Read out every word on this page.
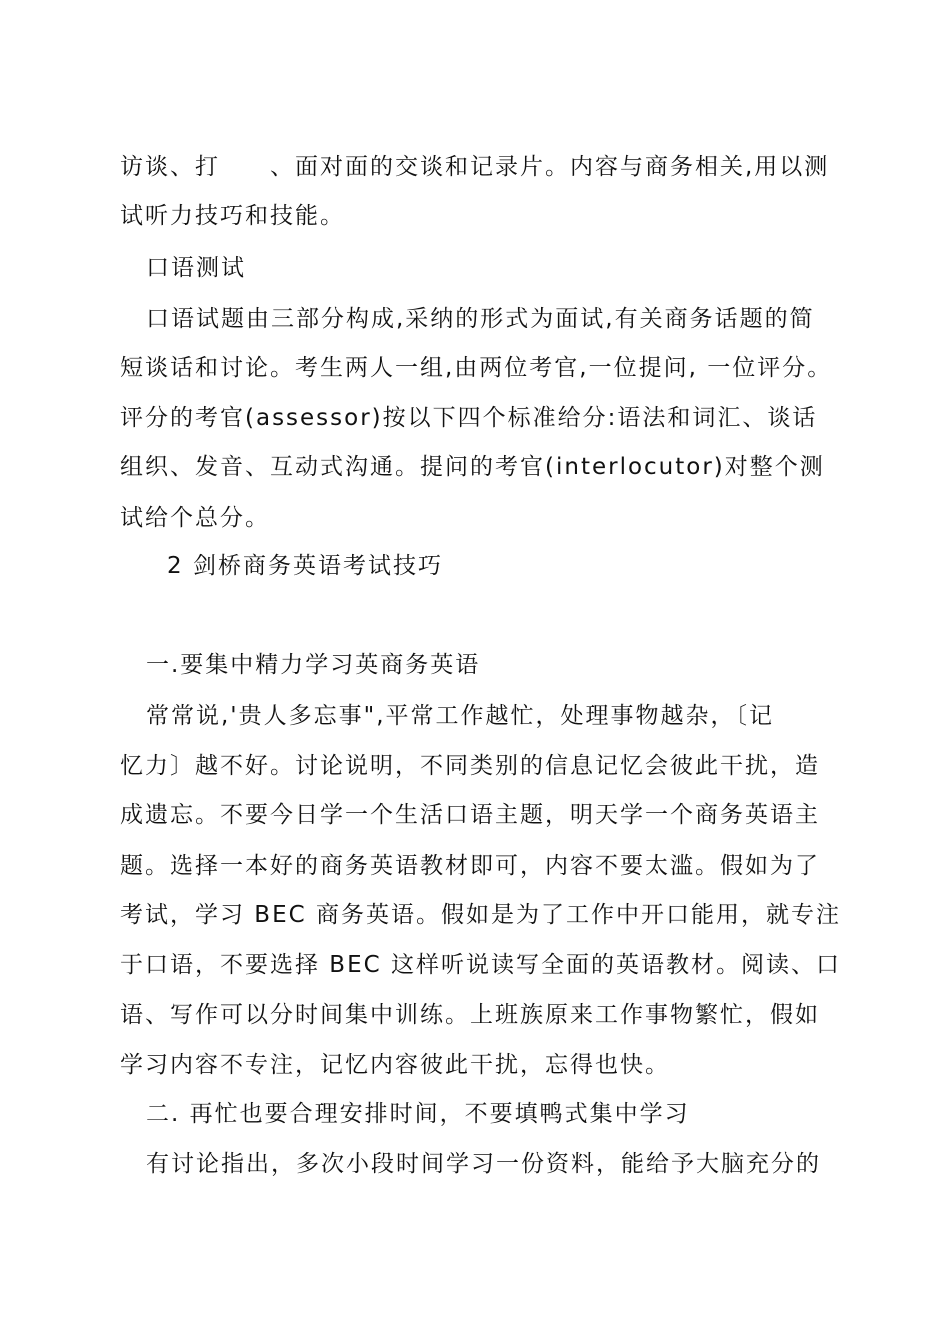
访谈、打　　、面对面的交谈和记录片。内容与商务相关,用以测
试听力技巧和技能。
口语测试
口语试题由三部分构成,采纳的形式为面试,有关商务话题的简
短谈话和讨论。考生两人一组,由两位考官,一位提问, 一位评分。
评分的考官(assessor)按以下四个标准给分:语法和词汇、谈话
组织、发音、互动式沟通。提问的考官(interlocutor)对整个测
试给个总分。
2 剑桥商务英语考试技巧
一.要集中精力学习英商务英语
常常说,'贵人多忘事",平常工作越忙，处理事物越杂，〔记
忆力〕越不好。讨论说明，不同类别的信息记忆会彼此干扰，造
成遗忘。不要今日学一个生活口语主题，明天学一个商务英语主
题。选择一本好的商务英语教材即可，内容不要太滥。假如为了
考试，学习 BEC 商务英语。假如是为了工作中开口能用，就专注
于口语，不要选择 BEC 这样听说读写全面的英语教材。阅读、口
语、写作可以分时间集中训练。上班族原来工作事物繁忙，假如
学习内容不专注，记忆内容彼此干扰，忘得也快。
二. 再忙也要合理安排时间，不要填鸭式集中学习
有讨论指出，多次小段时间学习一份资料，能给予大脑充分的
